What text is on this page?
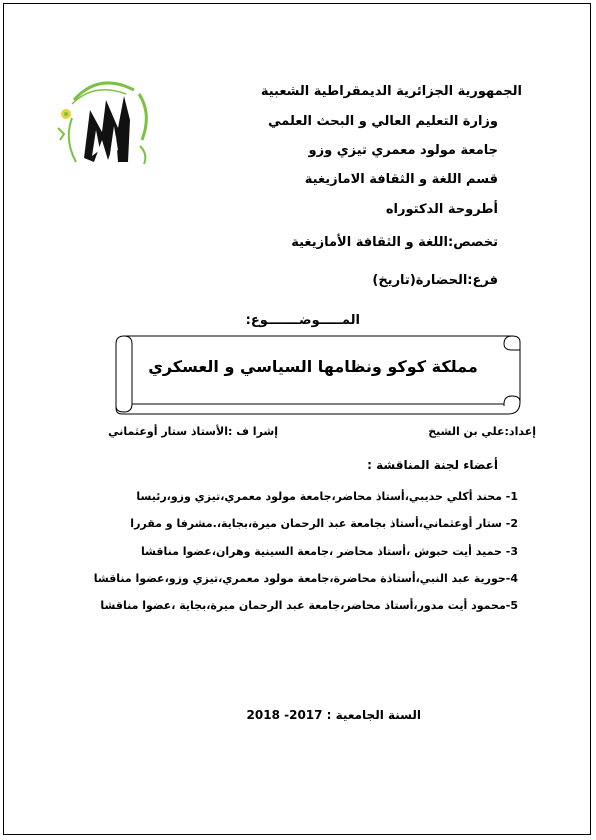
الجمهورية الجزائرية الديمقراطية الشعبية
وزارة التعليم العالي و البحث العلمي
جامعة مولود معمري تيزي وزو
قسم اللغة و الثقافة الامازيغية
أطروحة الدكتوراه
تخصص:اللغة و الثقافة الأمازيغية
فرع:الحضارة(تاريخ)
المـــــوضـــــــوع:
مملكة كوكو ونظامها السياسي و العسكري
إعداد:علي بن الشيخ
إشرا ف :الأستاذ ستار أوعثماني
أعضاء لجنة المناقشة :
1- محند أكلي حديبي،أستاذ محاضر،جامعة مولود معمري،تيزي وزو،رئيسا
2- ستار أوعثماني،أستاذ بجامعة عبد الرحمان ميرة،بجاية،.مشرفا و مقررا
3- حميد أيت حبوش ،أستاذ محاضر ،جامعة السينية وهران،عضوا مناقشا
4-حورية عبد النبي،أستاذة محاضرة،جامعة مولود معمري،تيزي وزو،عضوا مناقشا
5-محمود أيت مدور،أستاذ محاضر،جامعة عبد الرحمان ميرة،بجاية ،عضوا مناقشا
السنة الجامعية : 2017- 2018
